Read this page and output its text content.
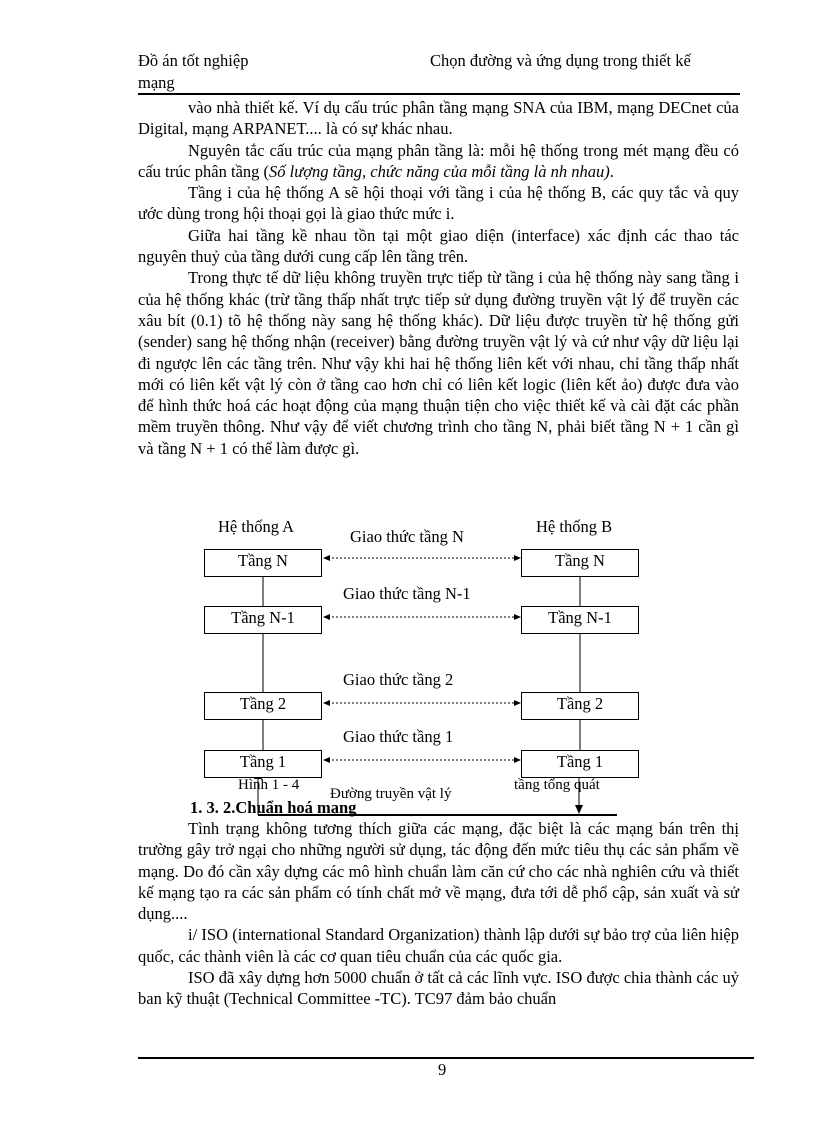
Đồ án tốt nghiệp
mạng
Chọn đường và ứng dụng trong thiết kế

vào nhà thiết kế. Ví dụ cấu trúc phân tầng mạng SNA của IBM, mạng DECnet của Digital, mạng ARPANET.... là có sự khác nhau.

Nguyên tắc cấu trúc của mạng phân tầng là: mỗi hệ thống trong mét mạng đều có cấu trúc phân tầng (Số lượng tầng, chức năng của mỗi tầng là nh nhau).

Tầng i của hệ thống A sẽ hội thoại với tầng i của hệ thống B, các quy tắc và quy ước dùng trong hội thoại gọi là giao thức mức i.

Giữa hai tầng kề nhau tồn tại một giao diện (interface) xác định các thao tác nguyên thuỷ của tầng dưới cung cấp lên tầng trên.

Trong thực tế dữ liệu không truyền trực tiếp từ tầng i của hệ thống này sang tầng i của hệ thống khác (trừ tầng thấp nhất trực tiếp sử dụng đường truyền vật lý để truyền các xâu bít (0.1) tõ hệ thống này sang hệ thống khác). Dữ liệu được truyền từ hệ thống gửi (sender) sang hệ thống nhận (receiver) bằng đường truyền vật lý và cứ như vậy dữ liệu lại đi ngược lên các tầng trên. Như vậy khi hai hệ thống liên kết với nhau, chỉ tầng thấp nhất mới có liên kết vật lý còn ở tầng cao hơn chỉ có liên kết logic (liên kết ảo) được đưa vào để hình thức hoá các hoạt động của mạng thuận tiện cho việc thiết kế và cài đặt các phần mềm truyền thông. Như vậy để viết chương trình cho tầng N, phải biết tầng N + 1 cần gì và tầng N + 1 có thể làm được gì.

Hệ thống A	Hệ thống B
Tầng N	Tầng N
Giao thức tầng N
Tầng N-1	Tầng N-1
Giao thức tầng N-1
Tầng 2	Tầng 2
Giao thức tầng 2
Tầng 1	Tầng 1
Giao thức tầng 1
Hình 1 - 4
Đường truyền vật lý
tầng tổng quát
1. 3. 2.Chuẩn hoá mạng

Tình trạng không tương thích giữa các mạng, đặc biệt là các mạng bán trên thị trường gây trở ngại cho những người sử dụng, tác động đến mức tiêu thụ các sản phẩm về mạng. Do đó cần xây dựng các mô hình chuẩn làm căn cứ cho các nhà nghiên cứu và thiết kế mạng tạo ra các sản phẩm có tính chất mở về mạng, đưa tới dễ phổ cập, sản xuất và sử dụng....

i/ ISO (international Standard Organization) thành lập dưới sự bảo trợ của liên hiệp quốc, các thành viên là các cơ quan tiêu chuẩn của các quốc gia.

ISO đã xây dựng hơn 5000 chuẩn ở tất cả các lĩnh vực. ISO được chia thành các uỷ ban kỹ thuật (Technical Committee -TC). TC97 đảm bảo chuẩn

9
